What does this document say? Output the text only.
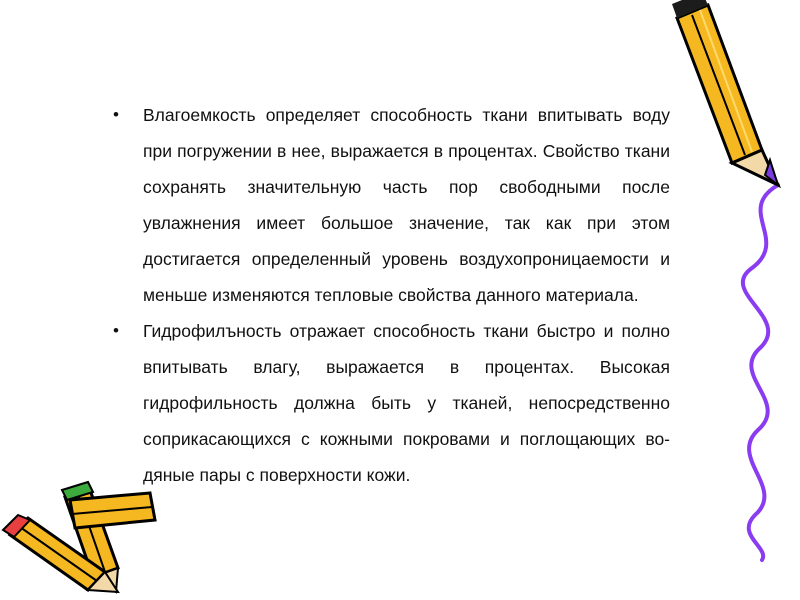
• Влагоемкость определяет способность ткани впитывать воду при погружении в нее, выражается в процентах. Свойство ткани сохранять значительную часть пор свободными после увлажнения имеет большое значение, так как при этом достигается определенный уровень воздухопроницаемости и меньше изменяются тепловые свойства данного материала.

• Гидрофилъность отражает способность ткани быстро и полно впитывать влагу, выражается в процентах. Высокая гидрофильность должна быть у тканей, непосредственно соприкасающихся с кожными покровами и поглощающих во-дяные пары с поверхности кожи.
